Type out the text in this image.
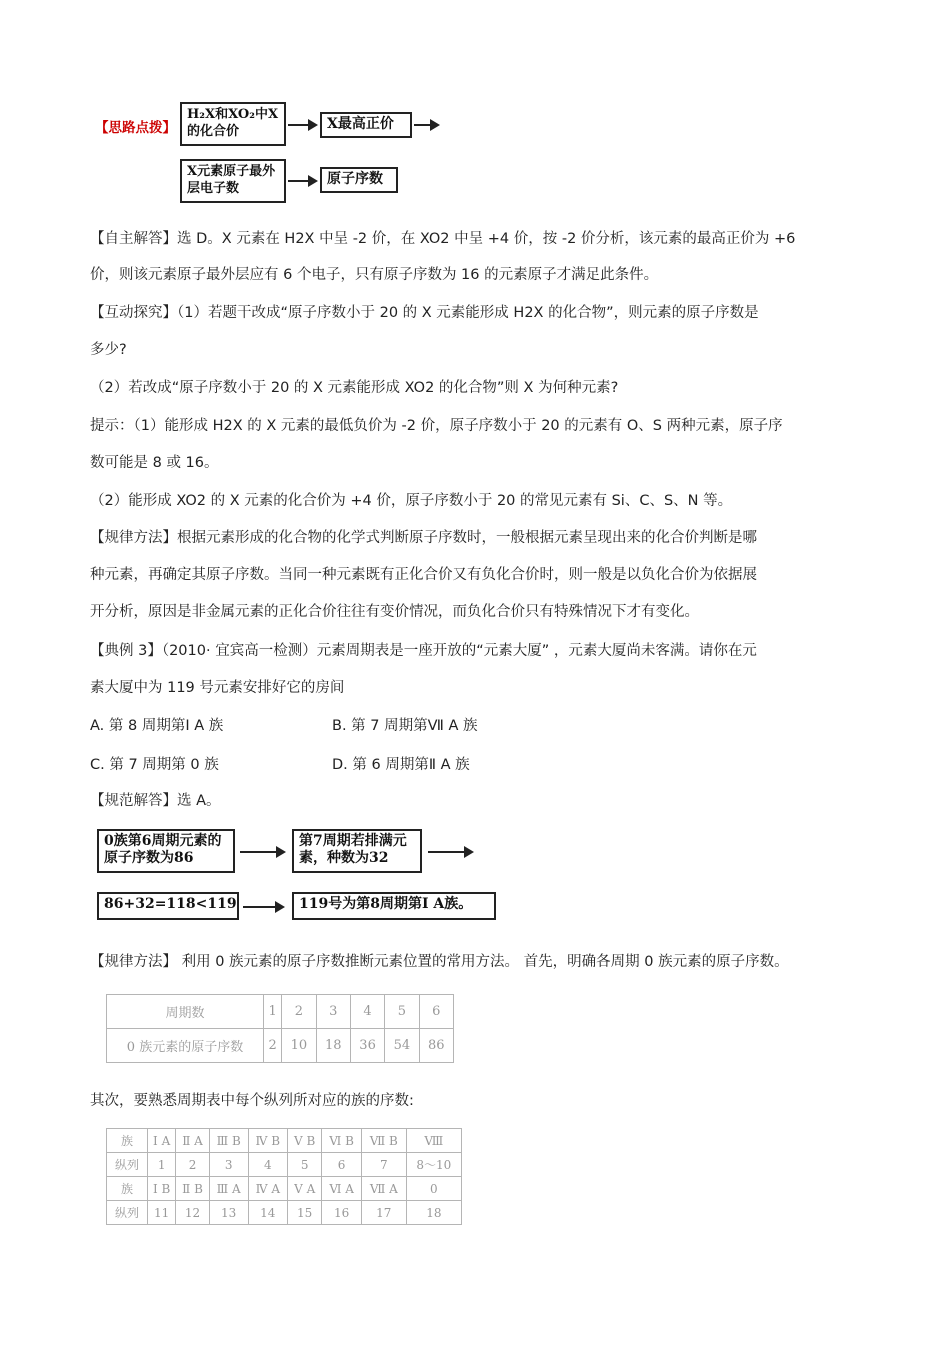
【思路点拨】
H₂X和XO₂中X的化合价	X最高正价
X元素原子最外层电子数
原子序数
【自主解答】选 D。X 元素在 H2X 中呈 -2 价，在 XO2 中呈 +4 价，按 -2 价分析，该元素的最高正价为 +6
价，则该元素原子最外层应有 6 个电子，只有原子序数为 16 的元素原子才满足此条件。
【互动探究】（1）若题干改成“原子序数小于 20 的 X 元素能形成 H2X 的化合物”，则元素的原子序数是
多少?
（2）若改成“原子序数小于 20 的 X 元素能形成 XO2 的化合物”则 X 为何种元素?
提示：（1）能形成 H2X 的 X 元素的最低负价为 -2 价，原子序数小于 20 的元素有 O、S 两种元素，原子序
数可能是 8 或 16。
（2）能形成 XO2 的 X 元素的化合价为 +4 价，原子序数小于 20 的常见元素有 Si、C、S、N 等。
【规律方法】根据元素形成的化合物的化学式判断原子序数时，一般根据元素呈现出来的化合价判断是哪
种元素，再确定其原子序数。当同一种元素既有正化合价又有负化合价时，则一般是以负化合价为依据展
开分析，原因是非金属元素的正化合价往往有变价情况，而负化合价只有特殊情况下才有变化。
【典例 3】（2010· 宜宾高一检测）元素周期表是一座开放的“元素大厦” ，元素大厦尚未客满。请你在元
素大厦中为 119 号元素安排好它的房间
A. 第 8 周期第Ⅰ A 族	B. 第 7 周期第Ⅶ A 族
C. 第 7 周期第 0 族	D. 第 6 周期第Ⅱ A 族
【规范解答】选 A。
0族第6周期元素的原子序数为86
第7周期若排满元素，种数为32
86+32=118<119	119号为第8周期第Ⅰ A族。
【规律方法】 利用 0 族元素的原子序数推断元素位置的常用方法。 首先，明确各周期 0 族元素的原子序数。
周期数	1	2	3	4	5	6
0 族元素的原子序数	2	10	18	36	54	86
其次，要熟悉周期表中每个纵列所对应的族的序数:
族	Ⅰ A	Ⅱ A	Ⅲ B	Ⅳ B	Ⅴ B	Ⅵ B	Ⅶ B	Ⅷ
纵列	1	2	3	4	5	6	7	8～10
族	Ⅰ B	Ⅱ B	Ⅲ A	Ⅳ A	Ⅴ A	Ⅵ A	Ⅶ A	0
纵列	11	12	13	14	15	16	17	18
